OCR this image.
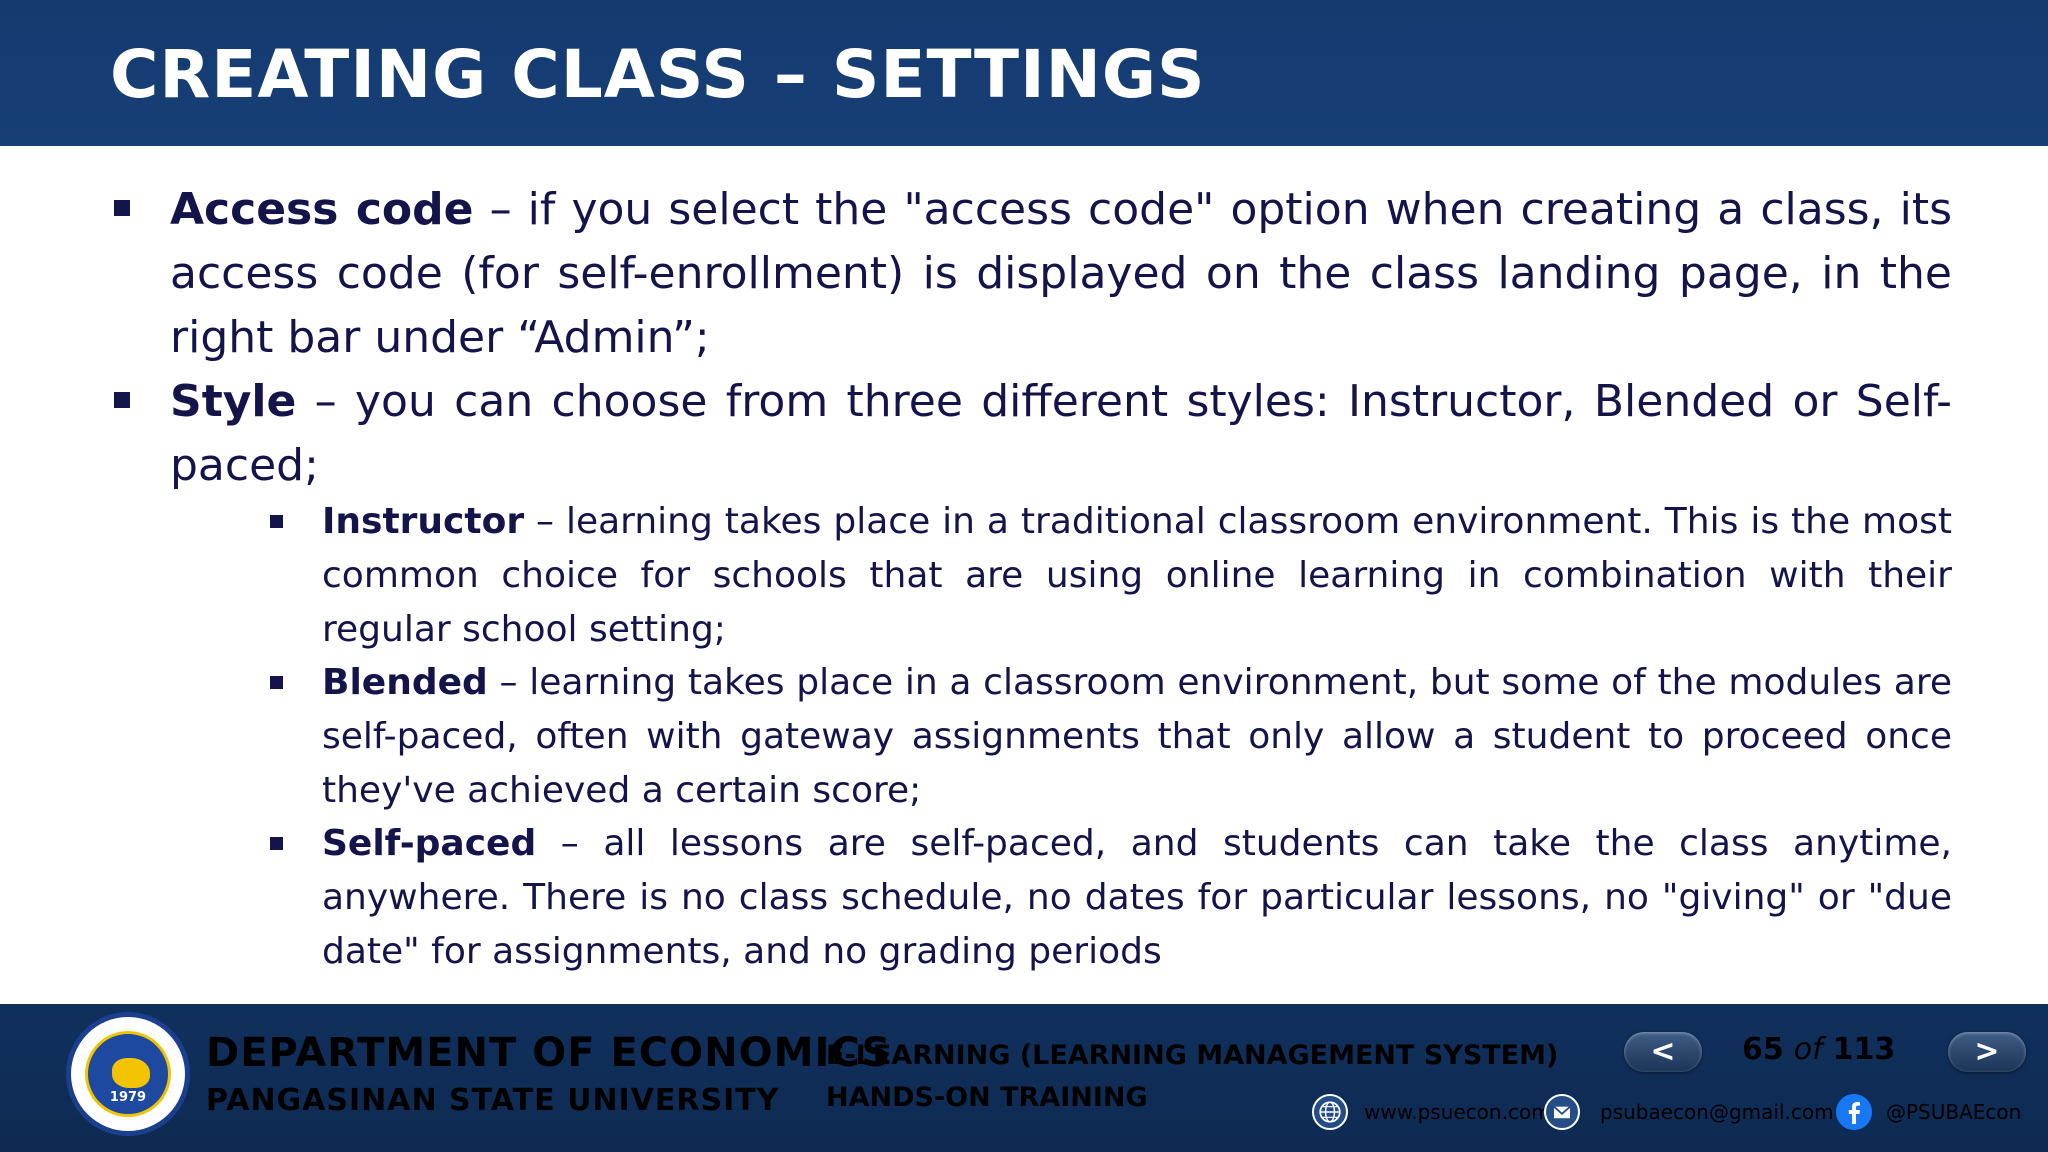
CREATING CLASS – SETTINGS
Access code – if you select the "access code" option when creating a class, its access code (for self-enrollment) is displayed on the class landing page, in the right bar under “Admin”;
Style – you can choose from three different styles: Instructor, Blended or Self-paced;
Instructor – learning takes place in a traditional classroom environment. This is the most common choice for schools that are using online learning in combination with their regular school setting;
Blended – learning takes place in a classroom environment, but some of the modules are self-paced, often with gateway assignments that only allow a student to proceed once they've achieved a certain score;
Self-paced – all lessons are self-paced, and students can take the class anytime, anywhere. There is no class schedule, no dates for particular lessons, no "giving" or "due date" for assignments, and no grading periods
1979
DEPARTMENT OF ECONOMICS
PANGASINAN STATE UNIVERSITY
E-LEARNING (LEARNING MANAGEMENT SYSTEM)
HANDS-ON TRAINING
<	65 of 113	>
www.psuecon.com psubaecon@gmail.com	@PSUBAEcon
